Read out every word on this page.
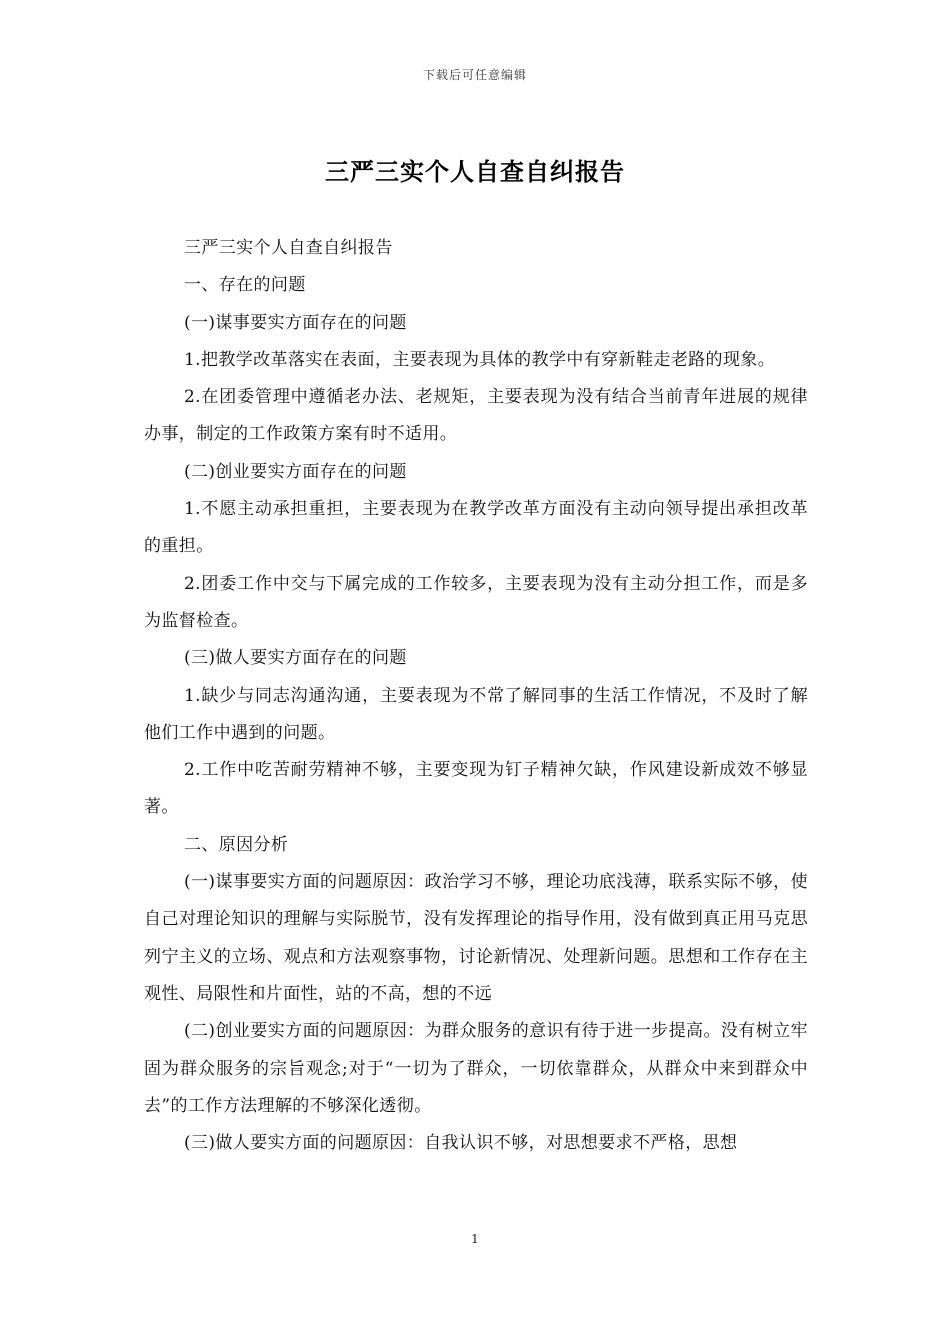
下载后可任意编辑
三严三实个人自查自纠报告

三严三实个人自查自纠报告

一、存在的问题

(一)谋事要实方面存在的问题

1.把教学改革落实在表面，主要表现为具体的教学中有穿新鞋走老路的现象。

2.在团委管理中遵循老办法、老规矩，主要表现为没有结合当前青年进展的规律办事，制定的工作政策方案有时不适用。

(二)创业要实方面存在的问题

1.不愿主动承担重担，主要表现为在教学改革方面没有主动向领导提出承担改革的重担。

2.团委工作中交与下属完成的工作较多，主要表现为没有主动分担工作，而是多为监督检查。

(三)做人要实方面存在的问题

1.缺少与同志沟通沟通，主要表现为不常了解同事的生活工作情况，不及时了解他们工作中遇到的问题。

2.工作中吃苦耐劳精神不够，主要变现为钉子精神欠缺，作风建设新成效不够显著。

二、原因分析

(一)谋事要实方面的问题原因：政治学习不够，理论功底浅薄，联系实际不够，使自己对理论知识的理解与实际脱节，没有发挥理论的指导作用，没有做到真正用马克思列宁主义的立场、观点和方法观察事物，讨论新情况、处理新问题。思想和工作存在主观性、局限性和片面性，站的不高，想的不远

(二)创业要实方面的问题原因：为群众服务的意识有待于进一步提高。没有树立牢固为群众服务的宗旨观念;对于“一切为了群众，一切依靠群众，从群众中来到群众中去”的工作方法理解的不够深化透彻。

(三)做人要实方面的问题原因：自我认识不够，对思想要求不严格，思想

1
